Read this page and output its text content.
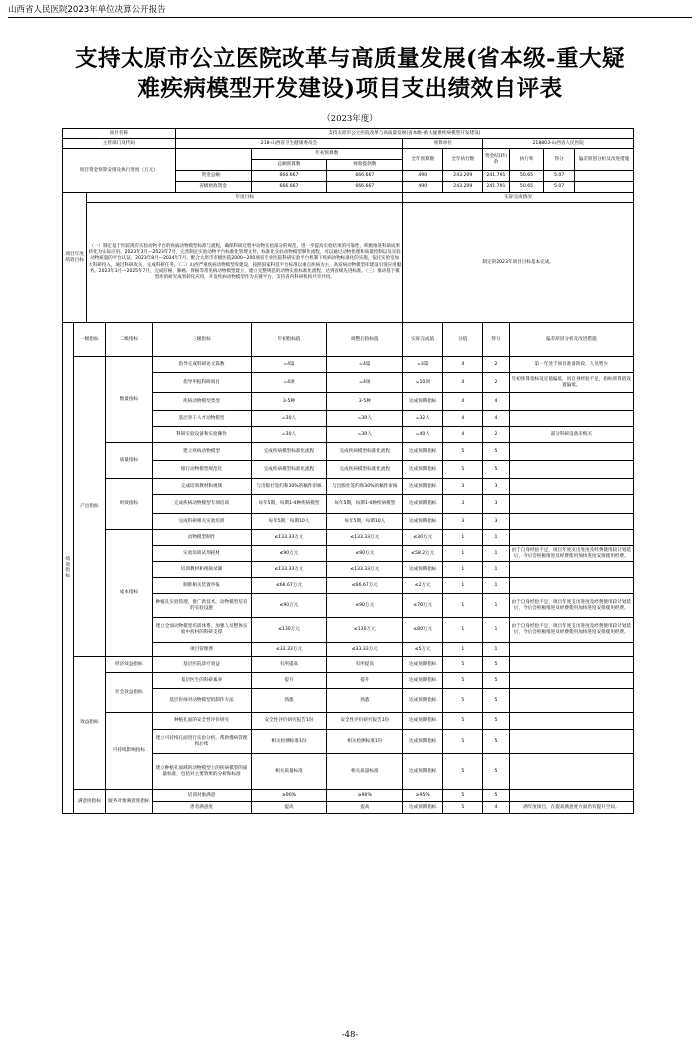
山西省人民医院2023年单位决算公开报告
支持太原市公立医院改革与高质量发展(省本级-重大疑
难疾病模型开发建设)项目支出绩效自评表
（2023年度）
项目名称					支持太原市公立医院改革与高质量发展(省本级-重大疑难疾病模型开发建设)								
主管部门及代码					218-山西省卫生健康委员会			预算单位		218803-山西省人民医院			
项目资金预算安排及执行进度（万元）						年初预算数		全年预算数	全年执行数	资金结(转)余	执行率	得分	偏差原因分析及改进措施
						总额预算数	财政拨款数						
					资金总额：	666.667	666.667	490	243.209	241.791	50.65	5.07	
					省级财政资金	666.667	666.667	490	243.209	241.791	50.65	5.07	
项目年度绩效目标		年度目标						实际完成情况					
		（一）制定基于医院现有实验动物平台的疾病动物模型标准与流程，确保科研过程中动物实验部分的规范，进一步提高实验结果的可靠性，积极推进科研成果转化为实际应用。2023年3月—2023年7月，完善制定实验动物平台标准化管理文件，标准化实验动物模型制作流程，可以通过动物伦理和质量控制以及实验动物质量的平台认证。2023年8月—2024年7月，配合太原市市级医院2000~200项省专业医院科研实验平台机制下疾病动物标准化的实施，依托实验室加大科研投入，通过科研攻关，完成科研任务。（二）山西严重疾病动物模型库建设，按照国家科技平台标准以重点疾病为主，高发病动物模型库建设引领应用服务。2023年3月—2025年7月，完成肝癌、肺癌、胃癌等常见病动物模型建立，建立完整规范的动物实验标准化流程，达到省级先进标准。（三）推动基于模型库的研究成果转化应用，开发疾病动物模型作为关键平台，支持省内科研机构共享共用。						制定的2023年项目目标基本完成。					
绩效指标	一级指标		二级指标	三级指标		年初指标值	调整后指标值	实际完成值	分值	得分	偏差原因分析及改进措施		
	产出指标		数量指标	指导完成科研论文篇数		=4篇	=4篇	=3篇	4	2	第一年处于项目准备阶段，人员暂少		
				指导申报科研项目		=4项	=4项	=10项	4	2	年初预算指标设定值偏低，因自身经验不足，指标预算值设置偏低。		
				疾病动物模型类型		3-5种	3-5种	达成预期指标	4	4			
				基层骨干人才动物模型		=30人	=30人	=32人	4	4			
				科研实验设备和实验操作		=30人	=30人	=40人	4	2	部分科研设备未购买		
			质量指标	建立疾病动物模型		完成疾病模型标准化流程	完成疾病模型标准化流程	达成预期指标	5	5			
				银行动物模型规范化		完成疾病模型标准化流程	完成疾病模型标准化流程	达成预期指标	5	5			
			时效指标	完成培训教材和视频		与出版社签约和30%的稿件审核	与出版社签约和30%的稿件审核	达成预期指标	3	3			
				完成疾病动物模型专项培训		每年5期，每期1-4种疾病模型	每年5期，每期1-4种疾病模型	达成预期指标	3	3			
				完成科研相关实验培训		每年5期，每期10人	每年5期，每期10人	达成预期指标	3	3			
			成本指标	动物模型制作		≤133.33万元	≤133.33万元	≤30万元	1	1			
				实验培训试剂耗材		≤90万元	≤90万元	≤58.2万元	1	1	由于自身经验不足，项目年度支出进度及经费使用较计划延后，今后会积极推进及经费使用加快进度安排使用经费。		
				培训教材和视频录制		≤133.33万元	≤133.33万元	达成预期指标	1	1			
				制胚相关装置申报		≤66.67万元	≤66.67万元	≤2万元	1	1			
				种植孔实验管理，推广新技术，动物模型培育的实验设施		≤90万元	≤90万元	≤70万元	1	1	由于自身经验不足，项目年度支出进度及经费使用较计划延后，今后会积极推进及经费使用加快进度安排使用经费。		
				建立全面动物模型培训体系，加强人员整体实验中药材的科研支撑		≤130万元	≤130万元	≤80万元	1	1	由于自身经验不足，项目年度支出进度及经费使用较计划延后，今后会积极推进及经费使用加快进度安排使用经费。		
				项目管理费		≤33.33万元	≤33.33万元	≤5万元	1	1			
	效益指标		经济效益指标	基层医院诊疗效益		有所提高	有所提高	达成预期指标	5	5			
			社会效益指标	基层医生的科研素养		提升	提升	达成预期指标	5	5			
				基层医师对动物模型的制作方法		熟悉	熟悉	达成预期指标	5	5			
			可持续影响指标	种植孔面的安全性评价研究		安全性评价研究报告1份	安全性评价研究报告1份	达成预期指标	5	5			
				建立可持续孔面进行实验分析，帮助慢病管理和后续		相关检测标准1份	相关检测标准1份	达成预期指标	5	5			
				建立种植孔面域的动物模型上的疾病模型的质量标准，包括对主要效果的分析和标准		相关质量标准	相关质量标准	达成预期指标	5	5			
	满意度指标		服务对象满意度指标	培训对象满意		≥90%	≥90%	≥95%	5	5			
				患者满意度		提高	提高	达成预期指标	5	4	满年度项目，在提高满意度方面仍有提升空间。		
-48-
